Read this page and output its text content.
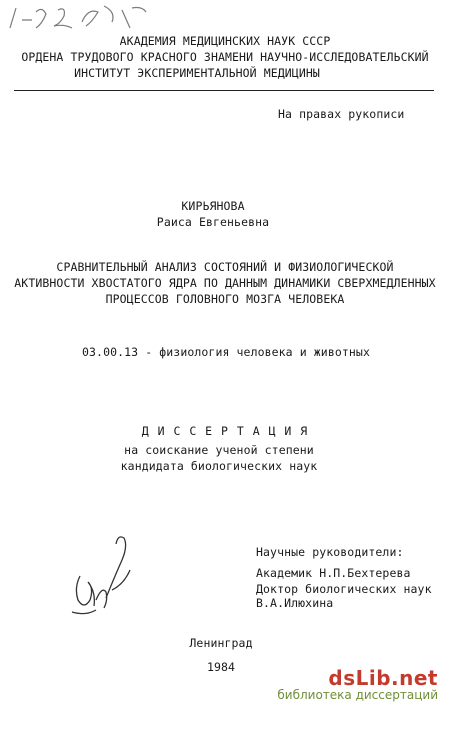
АКАДЕМИЯ МЕДИЦИНСКИХ НАУК СССР
ОРДЕНА ТРУДОВОГО КРАСНОГО ЗНАМЕНИ НАУЧНО-ИССЛЕДОВАТЕЛЬСКИЙ
ИНСТИТУТ ЭКСПЕРИМЕНТАЛЬНОЙ МЕДИЦИНЫ
На правах рукописи
КИРЬЯНОВА
Раиса Евгеньевна
СРАВНИТЕЛЬНЫЙ АНАЛИЗ СОСТОЯНИЙ И ФИЗИОЛОГИЧЕСКОЙ
АКТИВНОСТИ ХВОСТАТОГО ЯДРА ПО ДАННЫМ ДИНАМИКИ СВЕРХМЕДЛЕННЫХ
ПРОЦЕССОВ ГОЛОВНОГО МОЗГА ЧЕЛОВЕКА
03.00.13 - физиология человека и животных
Д И С С Е Р Т А Ц И Я
на соискание ученой степени
кандидата биологических наук
Научные руководители:
Академик Н.П.Бехтерева
Доктор биологических наук
В.А.Илюхина
Ленинград
1984	dsLib.net
библиотека диссертаций
